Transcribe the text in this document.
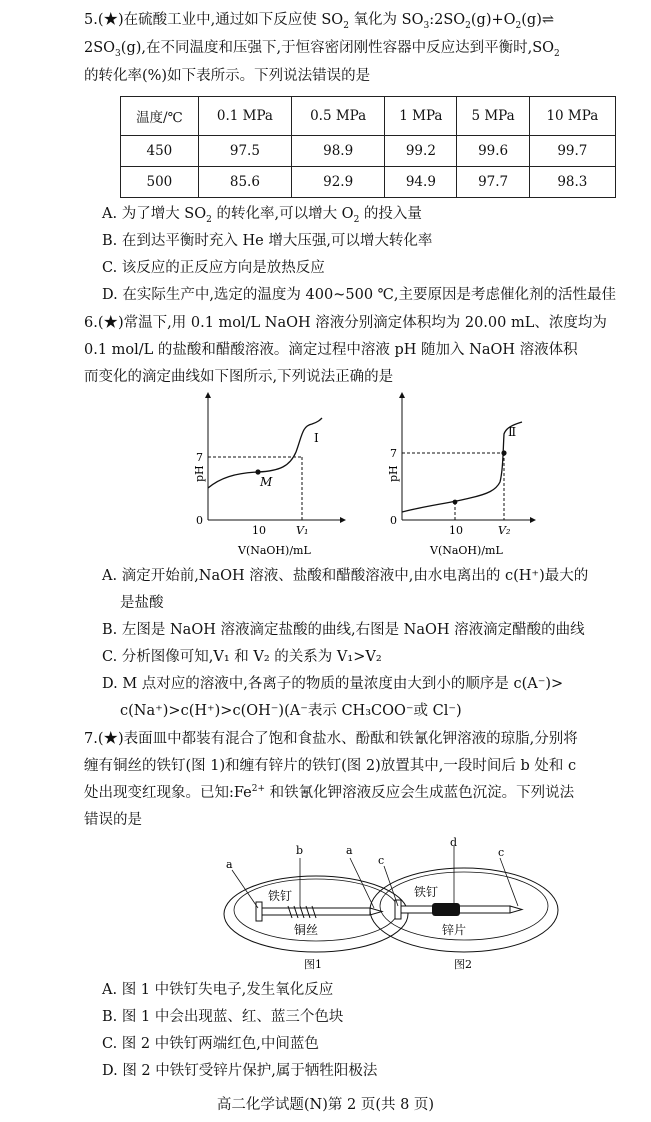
5.(★)在硫酸工业中,通过如下反应使 $SO_2$ 氧化为 $SO_3:2SO_2(g)+O_2(g)\rightleftharpoons$
$2SO_3(g)$,在不同温度和压强下,于恒容密闭刚性容器中反应达到平衡时$,SO_2$
的转化率(%)如下表所示。下列说法错误的是
温度/℃	0.1 MPa	0.5 MPa	1 MPa	5 MPa	10 MPa
450	97.5	98.9	99.2	99.6	99.7
500	85.6	92.9	94.9	97.7	98.3
A. 为了增大 $SO_2$ 的转化率,可以增大 $O_2$ 的投入量
B. 在到达平衡时充入 He 增大压强,可以增大转化率
C. 该反应的正反应方向是放热反应
D. 在实际生产中,选定的温度为 400~500 ℃,主要原因是考虑催化剂的活性最佳
6.(★)常温下,用 0.1 mol/L NaOH 溶液分别滴定体积均为 20.00 mL、浓度均为
0.1 mol/L 的盐酸和醋酸溶液。滴定过程中溶液 pH 随加入 NaOH 溶液体积
而变化的滴定曲线如下图所示,下列说法正确的是
pH
7
0
10	V₁
M
Ⅰ
V(NaOH)/mL
pH
7
0
10	V₂
Ⅱ
V(NaOH)/mL
A. 滴定开始前,NaOH 溶液、盐酸和醋酸溶液中,由水电离出的 c(H⁺)最大的
是盐酸
B. 左图是 NaOH 溶液滴定盐酸的曲线,右图是 NaOH 溶液滴定醋酸的曲线
C. 分析图像可知,V₁ 和 V₂ 的关系为 V₁>V₂
D. M 点对应的溶液中,各离子的物质的量浓度由大到小的顺序是 c(A⁻)>
c(Na⁺)>c(H⁺)>c(OH⁻)(A⁻表示 CH₃COO⁻或 Cl⁻)
7.(★)表面皿中都装有混合了饱和食盐水、酚酞和铁氰化钾溶液的琼脂,分别将
缠有铜丝的铁钉(图 1)和缠有锌片的铁钉(图 2)放置其中,一段时间后 b 处和 c
处出现变红现象。已知$:Fe^{2+}$ 和铁氰化钾溶液反应会生成蓝色沉淀。下列说法
错误的是
a
b	a
铁钉
铜丝
图1
c
d
c
铁钉
锌片
图2
A. 图 1 中铁钉失电子,发生氧化反应
B. 图 1 中会出现蓝、红、蓝三个色块
C. 图 2 中铁钉两端红色,中间蓝色
D. 图 2 中铁钉受锌片保护,属于牺牲阳极法
高二化学试题(N)第 2 页(共 8 页)
